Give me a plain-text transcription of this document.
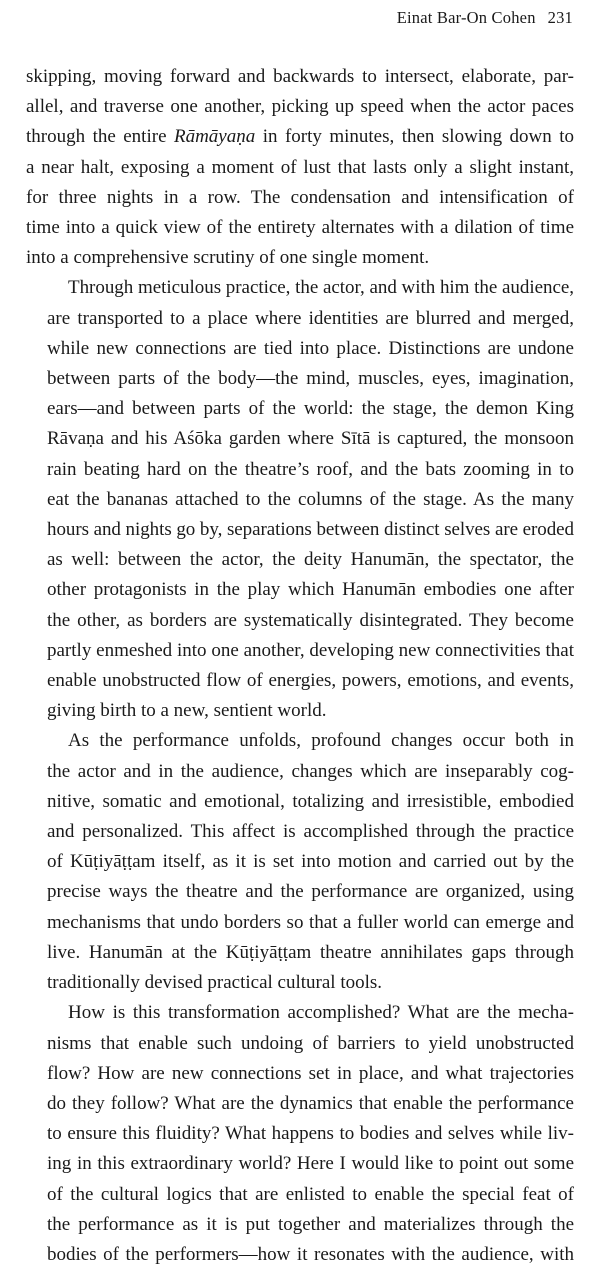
Einat Bar-On Cohen 231

skipping, moving forward and backwards to intersect, elaborate, par-
allel, and traverse one another, picking up speed when the actor paces
through the entire Rāmāyaṇa in forty minutes, then slowing down to
a near halt, exposing a moment of lust that lasts only a slight instant,
for three nights in a row. The condensation and intensification of
time into a quick view of the entirety alternates with a dilation of time
into a comprehensive scrutiny of one single moment.

Through meticulous practice, the actor, and with him the audience,
are transported to a place where identities are blurred and merged,
while new connections are tied into place. Distinctions are undone
between parts of the body—the mind, muscles, eyes, imagination,
ears—and between parts of the world: the stage, the demon King
Rāvaṇa and his Aśōka garden where Sītā is captured, the monsoon
rain beating hard on the theatre’s roof, and the bats zooming in to
eat the bananas attached to the columns of the stage. As the many
hours and nights go by, separations between distinct selves are eroded
as well: between the actor, the deity Hanumān, the spectator, the
other protagonists in the play which Hanumān embodies one after
the other, as borders are systematically disintegrated. They become
partly enmeshed into one another, developing new connectivities that
enable unobstructed flow of energies, powers, emotions, and events,
giving birth to a new, sentient world.

As the performance unfolds, profound changes occur both in
the actor and in the audience, changes which are inseparably cog-
nitive, somatic and emotional, totalizing and irresistible, embodied
and personalized. This affect is accomplished through the practice
of Kūṭiyāṭṭam itself, as it is set into motion and carried out by the
precise ways the theatre and the performance are organized, using
mechanisms that undo borders so that a fuller world can emerge and
live. Hanumān at the Kūṭiyāṭṭam theatre annihilates gaps through
traditionally devised practical cultural tools.

How is this transformation accomplished? What are the mecha-
nisms that enable such undoing of barriers to yield unobstructed
flow? How are new connections set in place, and what trajectories
do they follow? What are the dynamics that enable the performance
to ensure this fluidity? What happens to bodies and selves while liv-
ing in this extraordinary world? Here I would like to point out some
of the cultural logics that are enlisted to enable the special feat of
the performance as it is put together and materializes through the
bodies of the performers—how it resonates with the audience, with
